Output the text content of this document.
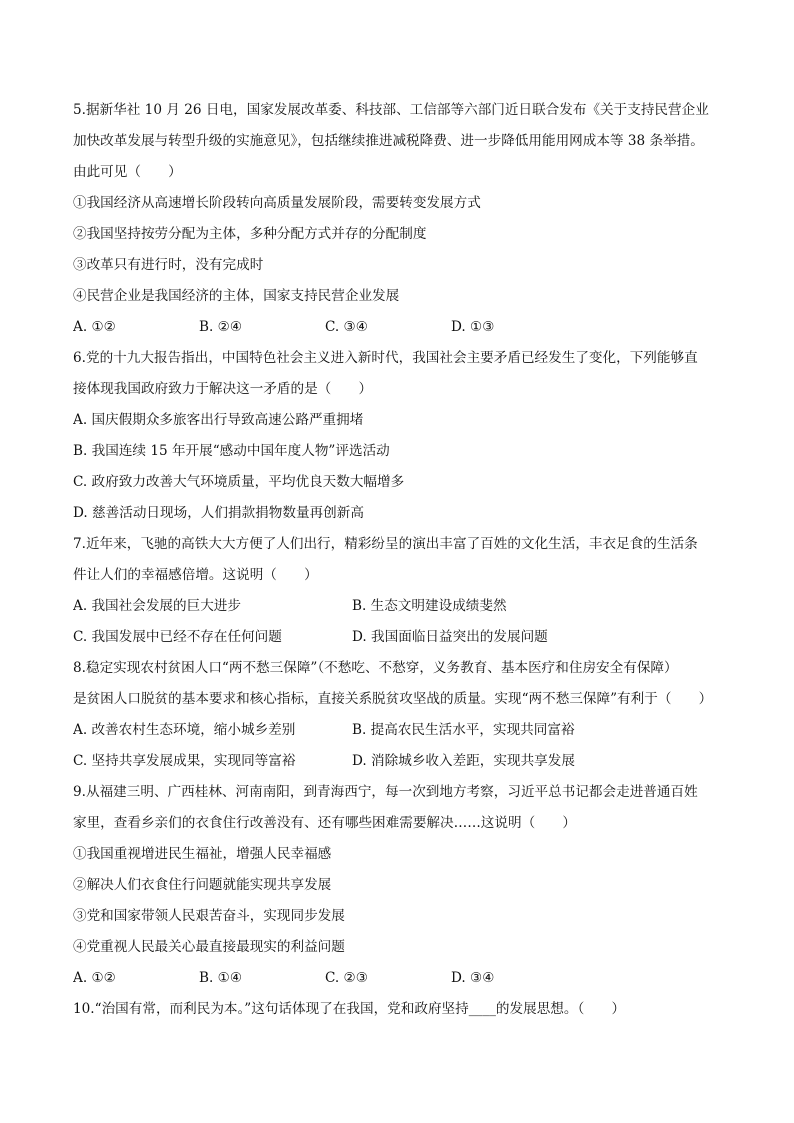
5.据新华社 10 月 26 日电，国家发展改革委、科技部、工信部等六部门近日联合发布《关于支持民营企业
加快改革发展与转型升级的实施意见》，包括继续推进减税降费、进一步降低用能用网成本等 38 条举措。
由此可见（　　）
①我国经济从高速增长阶段转向高质量发展阶段，需要转变发展方式
②我国坚持按劳分配为主体，多种分配方式并存的分配制度
③改革只有进行时，没有完成时
④民营企业是我国经济的主体，国家支持民营企业发展
A. ①②	B. ②④	C. ③④	D. ①③
6.党的十九大报告指出，中国特色社会主义进入新时代，我国社会主要矛盾已经发生了变化，下列能够直
接体现我国政府致力于解决这一矛盾的是（　　）
A. 国庆假期众多旅客出行导致高速公路严重拥堵
B. 我国连续 15 年开展“感动中国年度人物”评选活动
C. 政府致力改善大气环境质量，平均优良天数大幅增多
D. 慈善活动日现场，人们捐款捐物数量再创新高
7.近年来，飞驰的高铁大大方便了人们出行，精彩纷呈的演出丰富了百姓的文化生活，丰衣足食的生活条
件让人们的幸福感倍增。这说明（　　）
A. 我国社会发展的巨大进步	B. 生态文明建设成绩斐然
C. 我国发展中已经不存在任何问题	D. 我国面临日益突出的发展问题
8.稳定实现农村贫困人口“两不愁三保障”（不愁吃、不愁穿，义务教育、基本医疗和住房安全有保障）
是贫困人口脱贫的基本要求和核心指标，直接关系脱贫攻坚战的质量。实现“两不愁三保障”有利于（　　）
A. 改善农村生态环境，缩小城乡差别	B. 提高农民生活水平，实现共同富裕
C. 坚持共享发展成果，实现同等富裕	D. 消除城乡收入差距，实现共享发展
9.从福建三明、广西桂林、河南南阳，到青海西宁，每一次到地方考察，习近平总书记都会走进普通百姓
家里，查看乡亲们的衣食住行改善没有、还有哪些困难需要解决……这说明（　　）
①我国重视增进民生福祉，增强人民幸福感
②解决人们衣食住行问题就能实现共享发展
③党和国家带领人民艰苦奋斗，实现同步发展
④党重视人民最关心最直接最现实的利益问题
A. ①②	B. ①④	C. ②③	D. ③④
10.“治国有常，而利民为本。”这句话体现了在我国，党和政府坚持____的发展思想。（　　）
